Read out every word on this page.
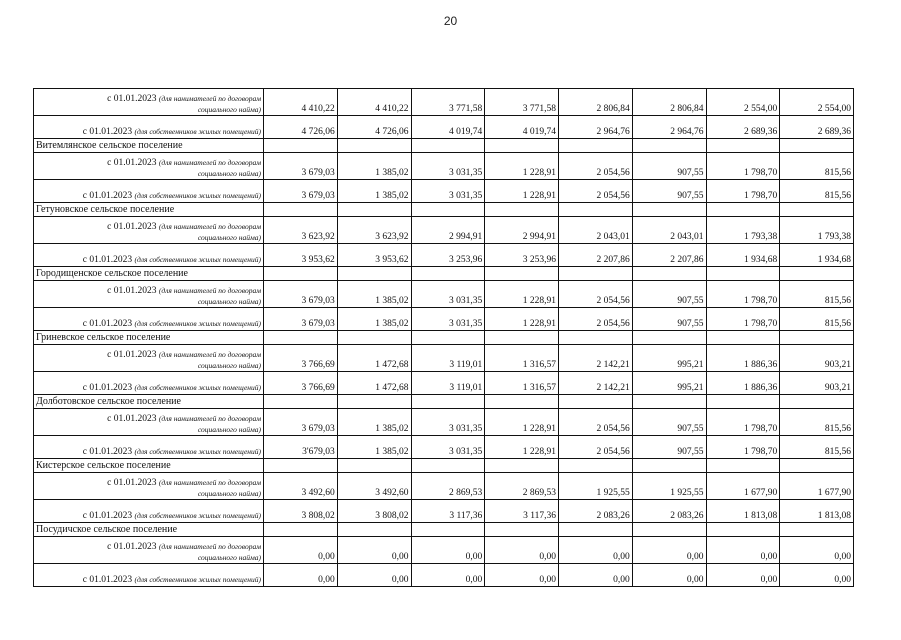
20
с 01.01.2023 (для нанимателей по договорам
социального найма)	4 410,22	4 410,22	3 771,58	3 771,58	2 806,84	2 806,84	2 554,00	2 554,00
с 01.01.2023 (для собственников жилых помещений)	4 726,06	4 726,06	4 019,74	4 019,74	2 964,76	2 964,76	2 689,36	2 689,36
Витемлянское сельское поселение								
с 01.01.2023 (для нанимателей по договорам
социального найма)	3 679,03	1 385,02	3 031,35	1 228,91	2 054,56	907,55	1 798,70	815,56
с 01.01.2023 (для собственников жилых помещений)	3 679,03	1 385,02	3 031,35	1 228,91	2 054,56	907,55	1 798,70	815,56
Гетуновское сельское поселение								
с 01.01.2023 (для нанимателей по договорам
социального найма)	3 623,92	3 623,92	2 994,91	2 994,91	2 043,01	2 043,01	1 793,38	1 793,38
с 01.01.2023 (для собственников жилых помещений)	3 953,62	3 953,62	3 253,96	3 253,96	2 207,86	2 207,86	1 934,68	1 934,68
Городищенское сельское поселение								
с 01.01.2023 (для нанимателей по договорам
социального найма)	3 679,03	1 385,02	3 031,35	1 228,91	2 054,56	907,55	1 798,70	815,56
с 01.01.2023 (для собственников жилых помещений)	3 679,03	1 385,02	3 031,35	1 228,91	2 054,56	907,55	1 798,70	815,56
Гриневское сельское поселение								
с 01.01.2023 (для нанимателей по договорам
социального найма)	3 766,69	1 472,68	3 119,01	1 316,57	2 142,21	995,21	1 886,36	903,21
с 01.01.2023 (для собственников жилых помещений)	3 766,69	1 472,68	3 119,01	1 316,57	2 142,21	995,21	1 886,36	903,21
Долботовское сельское поселение								
с 01.01.2023 (для нанимателей по договорам
социального найма)	3 679,03	1 385,02	3 031,35	1 228,91	2 054,56	907,55	1 798,70	815,56
с 01.01.2023 (для собственников жилых помещений)	3'679,03	1 385,02	3 031,35	1 228,91	2 054,56	907,55	1 798,70	815,56
Кистерское сельское поселение								
с 01.01.2023 (для нанимателей по договорам
социального найма)	3 492,60	3 492,60	2 869,53	2 869,53	1 925,55	1 925,55	1 677,90	1 677,90
с 01.01.2023 (для собственников жилых помещений)	3 808,02	3 808,02	3 117,36	3 117,36	2 083,26	2 083,26	1 813,08	1 813,08
Посудичское сельское поселение								
с 01.01.2023 (для нанимателей по договорам
социального найма)	0,00	0,00	0,00	0,00	0,00	0,00	0,00	0,00
с 01.01.2023 (для собственников жилых помещений)	0,00	0,00	0,00	0,00	0,00	0,00	0,00	0,00
